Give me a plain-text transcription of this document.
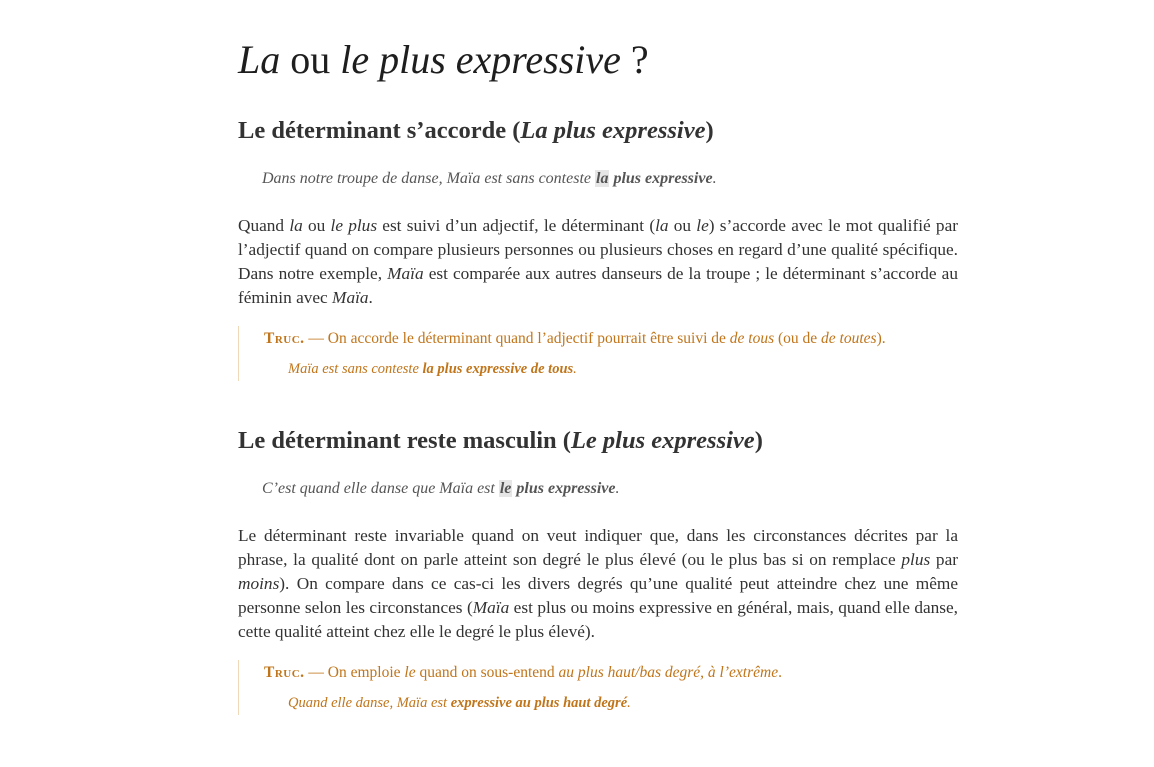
La ou le plus expressive ?
Le déterminant s’accorde (La plus expressive)
Dans notre troupe de danse, Maïa est sans conteste la plus expressive.

Quand la ou le plus est suivi d’un adjectif, le déterminant (la ou le) s’accorde avec le mot qualifié par l’adjectif quand on compare plusieurs personnes ou plusieurs choses en regard d’une qualité spécifique. Dans notre exemple, Maïa est comparée aux autres danseurs de la troupe ; le déterminant s’accorde au féminin avec Maïa.

Truc. — On accorde le déterminant quand l’adjectif pourrait être suivi de de tous (ou de de toutes).
Maïa est sans conteste la plus expressive de tous.
Le déterminant reste masculin (Le plus expressive)
C’est quand elle danse que Maïa est le plus expressive.

Le déterminant reste invariable quand on veut indiquer que, dans les circonstances décrites par la phrase, la qualité dont on parle atteint son degré le plus élevé (ou le plus bas si on remplace plus par moins). On compare dans ce cas-ci les divers degrés qu’une qualité peut atteindre chez une même personne selon les circonstances (Maïa est plus ou moins expressive en général, mais, quand elle danse, cette qualité atteint chez elle le degré le plus élevé).

Truc. — On emploie le quand on sous-entend au plus haut/bas degré, à l’extrême.
Quand elle danse, Maïa est expressive au plus haut degré.
